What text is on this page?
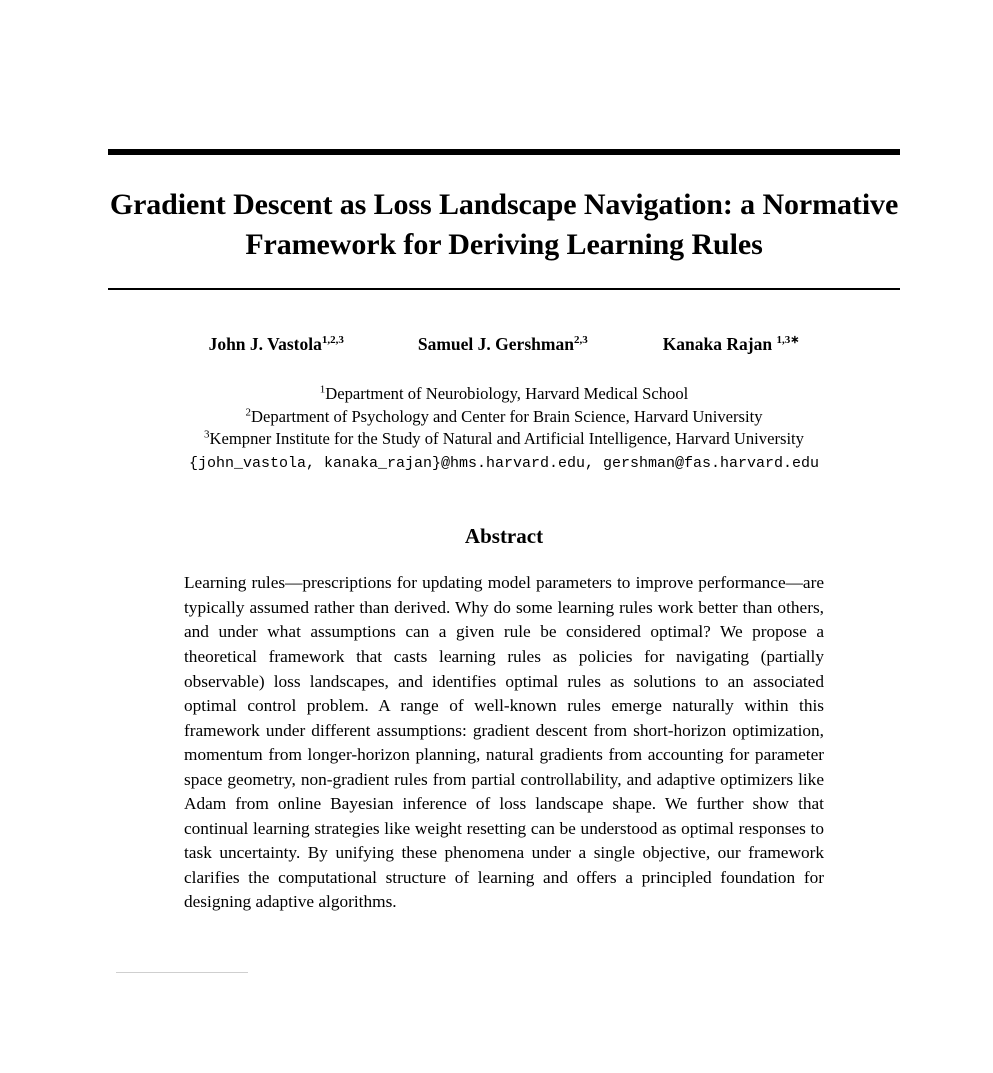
Gradient Descent as Loss Landscape Navigation: a Normative Framework for Deriving Learning Rules
John J. Vastola$^{1,2,3}$	Samuel J. Gershman$^{2,3}$	Kanaka Rajan $^{1,3∗}$
$^1$Department of Neurobiology, Harvard Medical School
$^2$Department of Psychology and Center for Brain Science, Harvard University
$^3$Kempner Institute for the Study of Natural and Artificial Intelligence, Harvard University
{john_vastola, kanaka_rajan}@hms.harvard.edu, gershman@fas.harvard.edu
Abstract

Learning rules—prescriptions for updating model parameters to improve performance—are typically assumed rather than derived. Why do some learning rules work better than others, and under what assumptions can a given rule be considered optimal? We propose a theoretical framework that casts learning rules as policies for navigating (partially observable) loss landscapes, and identifies optimal rules as solutions to an associated optimal control problem. A range of well-known rules emerge naturally within this framework under different assumptions: gradient descent from short-horizon optimization, momentum from longer-horizon planning, natural gradients from accounting for parameter space geometry, non-gradient rules from partial controllability, and adaptive optimizers like Adam from online Bayesian inference of loss landscape shape. We further show that continual learning strategies like weight resetting can be understood as optimal responses to task uncertainty. By unifying these phenomena under a single objective, our framework clarifies the computational structure of learning and offers a principled foundation for designing adaptive algorithms.
